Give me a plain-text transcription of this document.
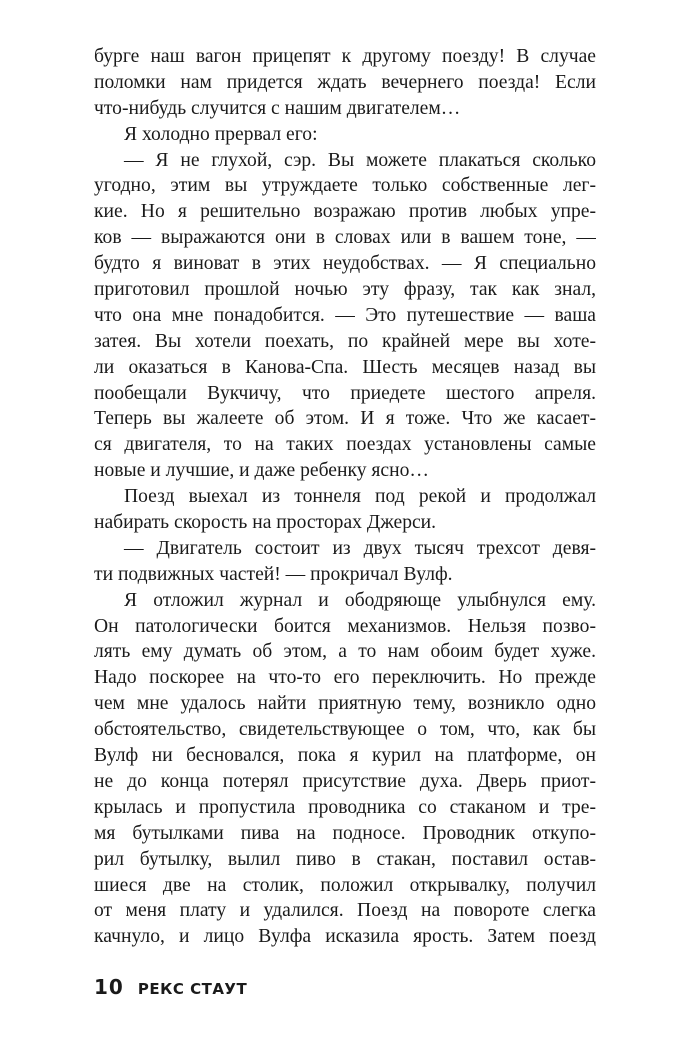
бурге наш вагон прицепят к другому поезду! В случае
поломки нам придется ждать вечернего поезда! Если
что-нибудь случится с нашим двигателем…
Я холодно прервал его:
— Я не глухой, сэр. Вы можете плакаться сколько
угодно, этим вы утруждаете только собственные лег-
кие. Но я решительно возражаю против любых упре-
ков — выражаются они в словах или в вашем тоне, —
будто я виноват в этих неудобствах. — Я специально
приготовил прошлой ночью эту фразу, так как знал,
что она мне понадобится. — Это путешествие — ваша
затея. Вы хотели поехать, по крайней мере вы хоте-
ли оказаться в Канова-Спа. Шесть месяцев назад вы
пообещали Вукчичу, что приедете шестого апреля.
Теперь вы жалеете об этом. И я тоже. Что же касает-
ся двигателя, то на таких поездах установлены самые
новые и лучшие, и даже ребенку ясно…
Поезд выехал из тоннеля под рекой и продолжал
набирать скорость на просторах Джерси.
— Двигатель состоит из двух тысяч трехсот девя-
ти подвижных частей! — прокричал Вулф.
Я отложил журнал и ободряюще улыбнулся ему.
Он патологически боится механизмов. Нельзя позво-
лять ему думать об этом, а то нам обоим будет хуже.
Надо поскорее на что-то его переключить. Но прежде
чем мне удалось найти приятную тему, возникло одно
обстоятельство, свидетельствующее о том, что, как бы
Вулф ни бесновался, пока я курил на платформе, он
не до конца потерял присутствие духа. Дверь приот-
крылась и пропустила проводника со стаканом и тре-
мя бутылками пива на подносе. Проводник откупо-
рил бутылку, вылил пиво в стакан, поставил остав-
шиеся две на столик, положил открывалку, получил
от меня плату и удалился. Поезд на повороте слегка
качнуло, и лицо Вулфа исказила ярость. Затем поезд
10 РЕКС СТАУТ
